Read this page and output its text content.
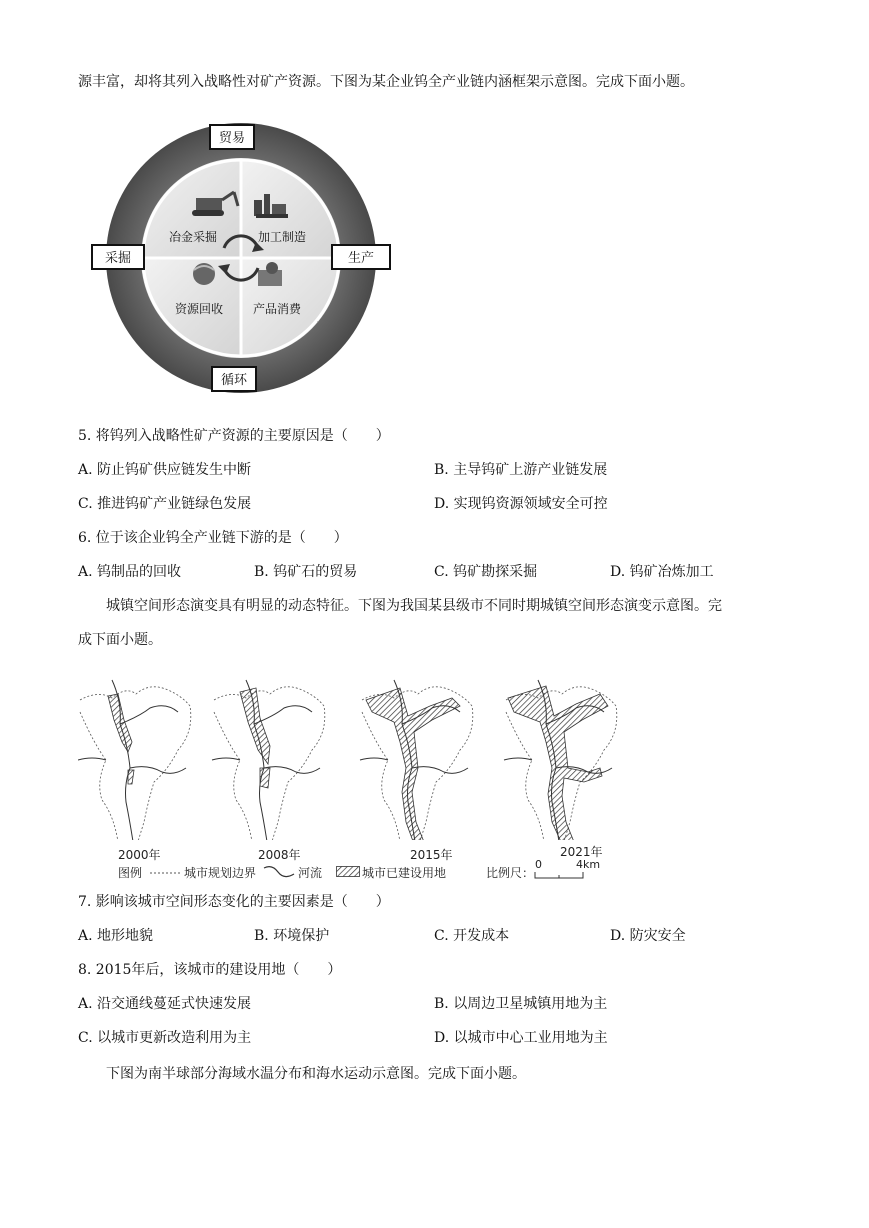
源丰富，却将其列入战略性对矿产资源。下图为某企业钨全产业链内涵框架示意图。完成下面小题。
冶金采掘	加工制造
资源回收 产品消费
贸易
采掘	生产
循环
5. 将钨列入战略性矿产资源的主要原因是（　　）
A. 防止钨矿供应链发生中断	B. 主导钨矿上游产业链发展
C. 推进钨矿产业链绿色发展	D. 实现钨资源领域安全可控
6. 位于该企业钨全产业链下游的是（　　）
A. 钨制品的回收	B. 钨矿石的贸易	C. 钨矿勘探采掘	D. 钨矿冶炼加工
城镇空间形态演变具有明显的动态特征。下图为我国某县级市不同时期城镇空间形态演变示意图。完
成下面小题。
2000年	2008年	2015年	2021年
图例	城市规划边界	河流	城市已建设用地	比例尺：
0	4km
7. 影响该城市空间形态变化的主要因素是（　　）
A. 地形地貌	B. 环境保护	C. 开发成本	D. 防灾安全
8. 2015年后，该城市的建设用地（　　）
A. 沿交通线蔓延式快速发展	B. 以周边卫星城镇用地为主
C. 以城市更新改造利用为主	D. 以城市中心工业用地为主
下图为南半球部分海域水温分布和海水运动示意图。完成下面小题。
